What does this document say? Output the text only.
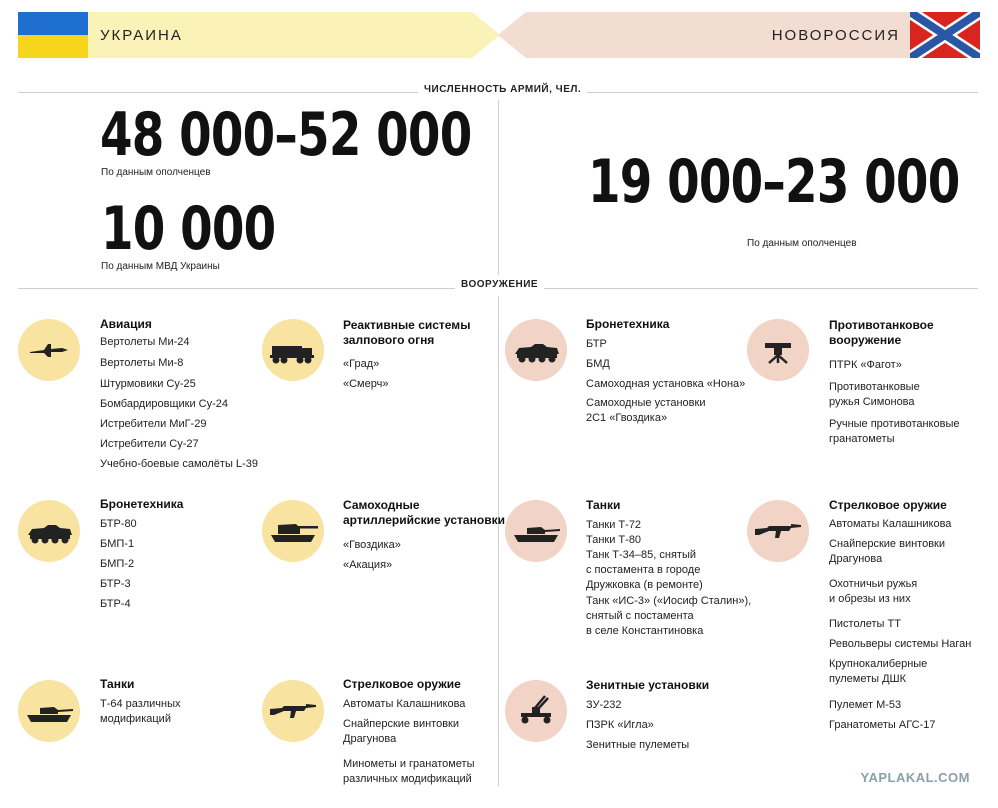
УКРАИНА	НОВОРОССИЯ
ЧИСЛЕННОСТЬ АРМИЙ, ЧЕЛ.
48 000–52 000
По данным ополченцев
10 000
По данным МВД Украины
19 000–23 000
По данным ополченцев
ВООРУЖЕНИЕ
Авиация
Вертолеты Ми-24
Вертолеты Ми-8
Штурмовики Су-25
Бомбардировщики Су-24
Истребители МиГ-29
Истребители Су-27
Учебно-боевые самолёты L-39
Бронетехника
БТР-80
БМП-1
БМП-2
БТР-3
БТР-4
Танки
Т-64 различных
модификаций
Реактивные системы
залпового огня
«Град»
«Смерч»
Самоходные
артиллерийские установки
«Гвоздика»
«Акация»
Стрелковое оружие
Автоматы Калашникова
Снайперские винтовки
Драгунова
Минометы и гранатометы
различных модификаций
Бронетехника
БТР
БМД
Самоходная установка «Нона»
Самоходные установки
2С1 «Гвоздика»
Танки
Танки Т-72
Танки Т-80
Танк Т-34–85, снятый
с постамента в городе
Дружковка (в ремонте)
Танк «ИС-3» («Иосиф Сталин»),
снятый с постамента
в селе Константиновка
Зенитные установки
ЗУ-232
ПЗРК «Игла»
Зенитные пулеметы
Противотанковое
вооружение
ПТРК «Фагот»
Противотанковые
ружья Симонова
Ручные противотанковые
гранатометы
Стрелковое оружие
Автоматы Калашникова
Снайперские винтовки
Драгунова
Охотничьи ружья
и обрезы из них
Пистолеты ТТ
Револьверы системы Наган
Крупнокалиберные
пулеметы ДШК
Пулемет М-53
Гранатометы АГС-17
YAPLAKAL.COM
